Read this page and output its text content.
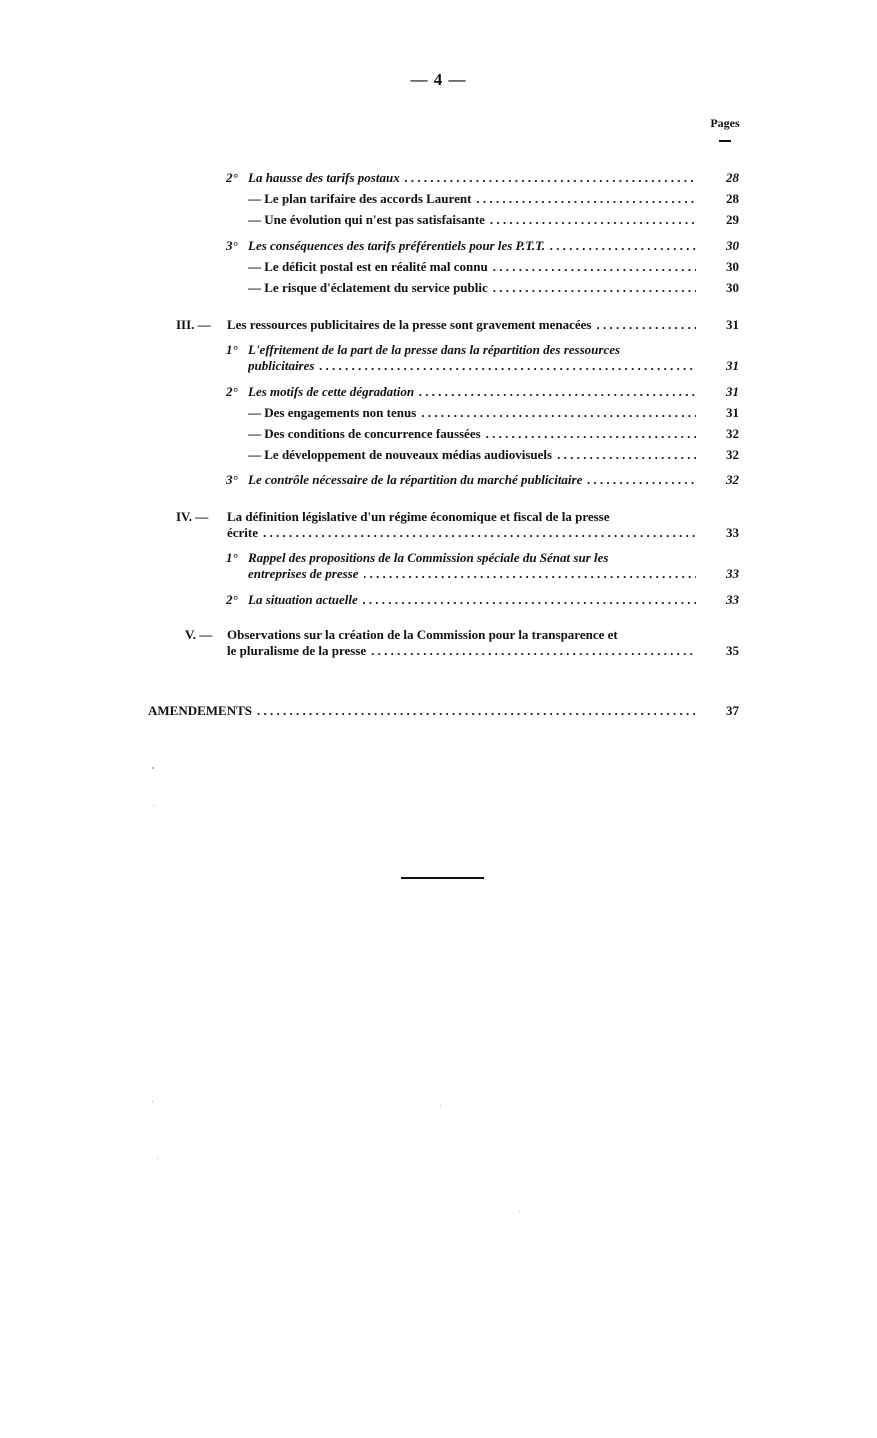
— 4 —
Pages
2° La hausse des tarifs postaux . . .	28
— Le plan tarifaire des accords Laurent . . .	28
— Une évolution qui n'est pas satisfaisante . . .	29
3° Les conséquences des tarifs préférentiels pour les P.T.T. . . .	30
— Le déficit postal est en réalité mal connu . . .	30
— Le risque d'éclatement du service public . . .	30
III. — Les ressources publicitaires de la presse sont gravement menacées . . .	31
1° L'effritement de la part de la presse dans la répartition des ressources
publicitaires . . .	31
2° Les motifs de cette dégradation . . .	31
— Des engagements non tenus . . .	31
— Des conditions de concurrence faussées . . .	32
— Le développement de nouveaux médias audiovisuels . . .	32
3° Le contrôle nécessaire de la répartition du marché publicitaire . . .	32
IV. — La définition législative d'un régime économique et fiscal de la presse
écrite . . .	33
1° Rappel des propositions de la Commission spéciale du Sénat sur les
entreprises de presse . . .	33
2° La situation actuelle . . .	33
V. — Observations sur la création de la Commission pour la transparence et
le pluralisme de la presse . . .	35
AMENDEMENTS . . .	37
